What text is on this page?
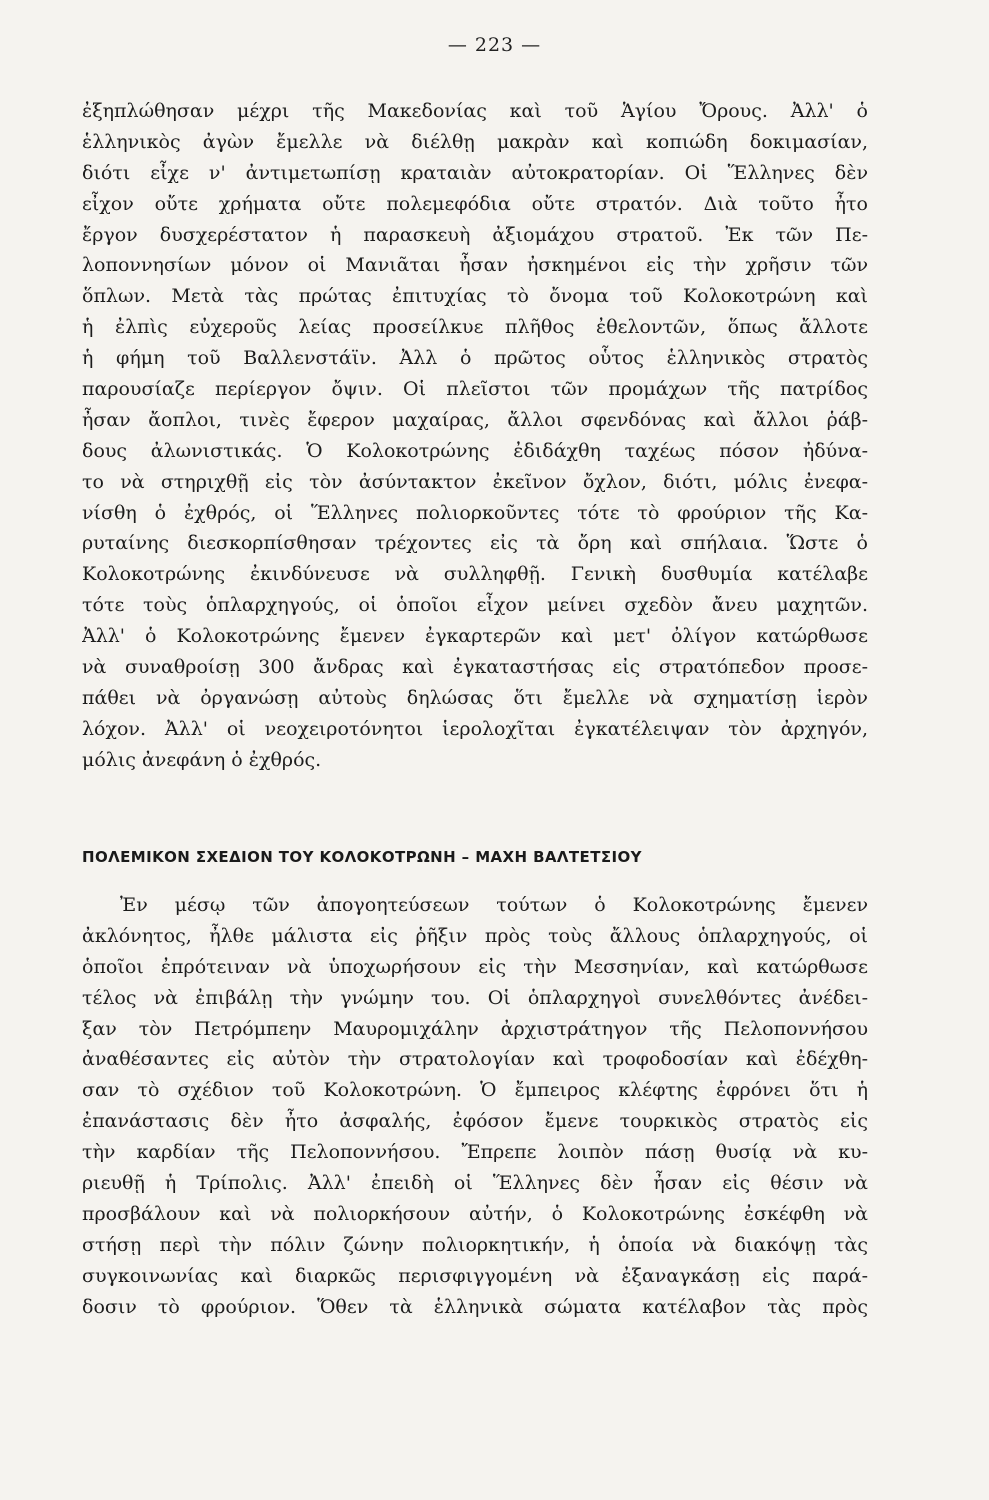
— 223 —
ἐξηπλώθησαν μέχρι τῆς Μακεδονίας καὶ τοῦ Ἁγίου Ὄρους. Ἀλλ' ὁ
ἑλληνικὸς ἀγὼν ἔμελλε νὰ διέλθῃ μακρὰν καὶ κοπιώδη δοκιμασίαν,
διότι εἶχε ν' ἀντιμετωπίσῃ κραταιὰν αὐτοκρατορίαν. Οἱ Ἕλληνες δὲν
εἶχον οὔτε χρήματα οὔτε πολεμεφόδια οὔτε στρατόν. Διὰ τοῦτο ἦτο
ἔργον δυσχερέστατον ἡ παρασκευὴ ἀξιομάχου στρατοῦ. Ἐκ τῶν Πε-
λοποννησίων μόνον οἱ Μανιᾶται ἦσαν ἠσκημένοι εἰς τὴν χρῆσιν τῶν
ὅπλων. Μετὰ τὰς πρώτας ἐπιτυχίας τὸ ὄνομα τοῦ Κολοκοτρώνη καὶ
ἡ ἐλπὶς εὐχεροῦς λείας προσείλκυε πλῆθος ἐθελοντῶν, ὅπως ἄλλοτε
ἡ φήμη τοῦ Βαλλενστάϊν. Ἀλλ ὁ πρῶτος οὗτος ἑλληνικὸς στρατὸς
παρουσίαζε περίεργον ὄψιν. Οἱ πλεῖστοι τῶν προμάχων τῆς πατρίδος
ἦσαν ἄοπλοι, τινὲς ἔφερον μαχαίρας, ἄλλοι σφενδόνας καὶ ἄλλοι ῥάβ-
δους ἀλωνιστικάς. Ὁ Κολοκοτρώνης ἐδιδάχθη ταχέως πόσον ἠδύνα-
το νὰ στηριχθῇ εἰς τὸν ἀσύντακτον ἐκεῖνον ὄχλον, διότι, μόλις ἐνεφα-
νίσθη ὁ ἐχθρός, οἱ Ἕλληνες πολιορκοῦντες τότε τὸ φρούριον τῆς Κα-
ρυταίνης διεσκορπίσθησαν τρέχοντες εἰς τὰ ὄρη καὶ σπήλαια. Ὥστε ὁ
Κολοκοτρώνης ἐκινδύνευσε νὰ συλληφθῇ. Γενικὴ δυσθυμία κατέλαβε
τότε τοὺς ὁπλαρχηγούς, οἱ ὁποῖοι εἶχον μείνει σχεδὸν ἄνευ μαχητῶν.
Ἀλλ' ὁ Κολοκοτρώνης ἔμενεν ἐγκαρτερῶν καὶ μετ' ὀλίγον κατώρθωσε
νὰ συναθροίσῃ 300 ἄνδρας καὶ ἐγκαταστήσας εἰς στρατόπεδον προσε-
πάθει νὰ ὀργανώσῃ αὐτοὺς δηλώσας ὅτι ἔμελλε νὰ σχηματίσῃ ἱερὸν
λόχον. Ἀλλ' οἱ νεοχειροτόνητοι ἱερολοχῖται ἐγκατέλειψαν τὸν ἀρχηγόν,
μόλις ἀνεφάνη ὁ ἐχθρός.
ΠΟΛΕΜΙΚΟΝ ΣΧΕΔΙΟΝ ΤΟΥ ΚΟΛΟΚΟΤΡΩΝΗ – ΜΑΧΗ ΒΑΛΤΕΤΣΙΟΥ
Ἐν μέσῳ τῶν ἀπογοητεύσεων τούτων ὁ Κολοκοτρώνης ἔμενεν
ἀκλόνητος, ἦλθε μάλιστα εἰς ῥῆξιν πρὸς τοὺς ἄλλους ὁπλαρχηγούς, οἱ
ὁποῖοι ἐπρότειναν νὰ ὑποχωρήσουν εἰς τὴν Μεσσηνίαν, καὶ κατώρθωσε
τέλος νὰ ἐπιβάλῃ τὴν γνώμην του. Οἱ ὁπλαρχηγοὶ συνελθόντες ἀνέδει-
ξαν τὸν Πετρόμπεην Μαυρομιχάλην ἀρχιστράτηγον τῆς Πελοποννήσου
ἀναθέσαντες εἰς αὐτὸν τὴν στρατολογίαν καὶ τροφοδοσίαν καὶ ἐδέχθη-
σαν τὸ σχέδιον τοῦ Κολοκοτρώνη. Ὁ ἔμπειρος κλέφτης ἐφρόνει ὅτι ἡ
ἐπανάστασις δὲν ἦτο ἀσφαλής, ἐφόσον ἔμενε τουρκικὸς στρατὸς εἰς
τὴν καρδίαν τῆς Πελοποννήσου. Ἔπρεπε λοιπὸν πάσῃ θυσίᾳ νὰ κυ-
ριευθῇ ἡ Τρίπολις. Ἀλλ' ἐπειδὴ οἱ Ἕλληνες δὲν ἦσαν εἰς θέσιν νὰ
προσβάλουν καὶ νὰ πολιορκήσουν αὐτήν, ὁ Κολοκοτρώνης ἐσκέφθη νὰ
στήσῃ περὶ τὴν πόλιν ζώνην πολιορκητικήν, ἡ ὁποία νὰ διακόψῃ τὰς
συγκοινωνίας καὶ διαρκῶς περισφιγγομένη νὰ ἐξαναγκάσῃ εἰς παρά-
δοσιν τὸ φρούριον. Ὅθεν τὰ ἑλληνικὰ σώματα κατέλαβον τὰς πρὸς
